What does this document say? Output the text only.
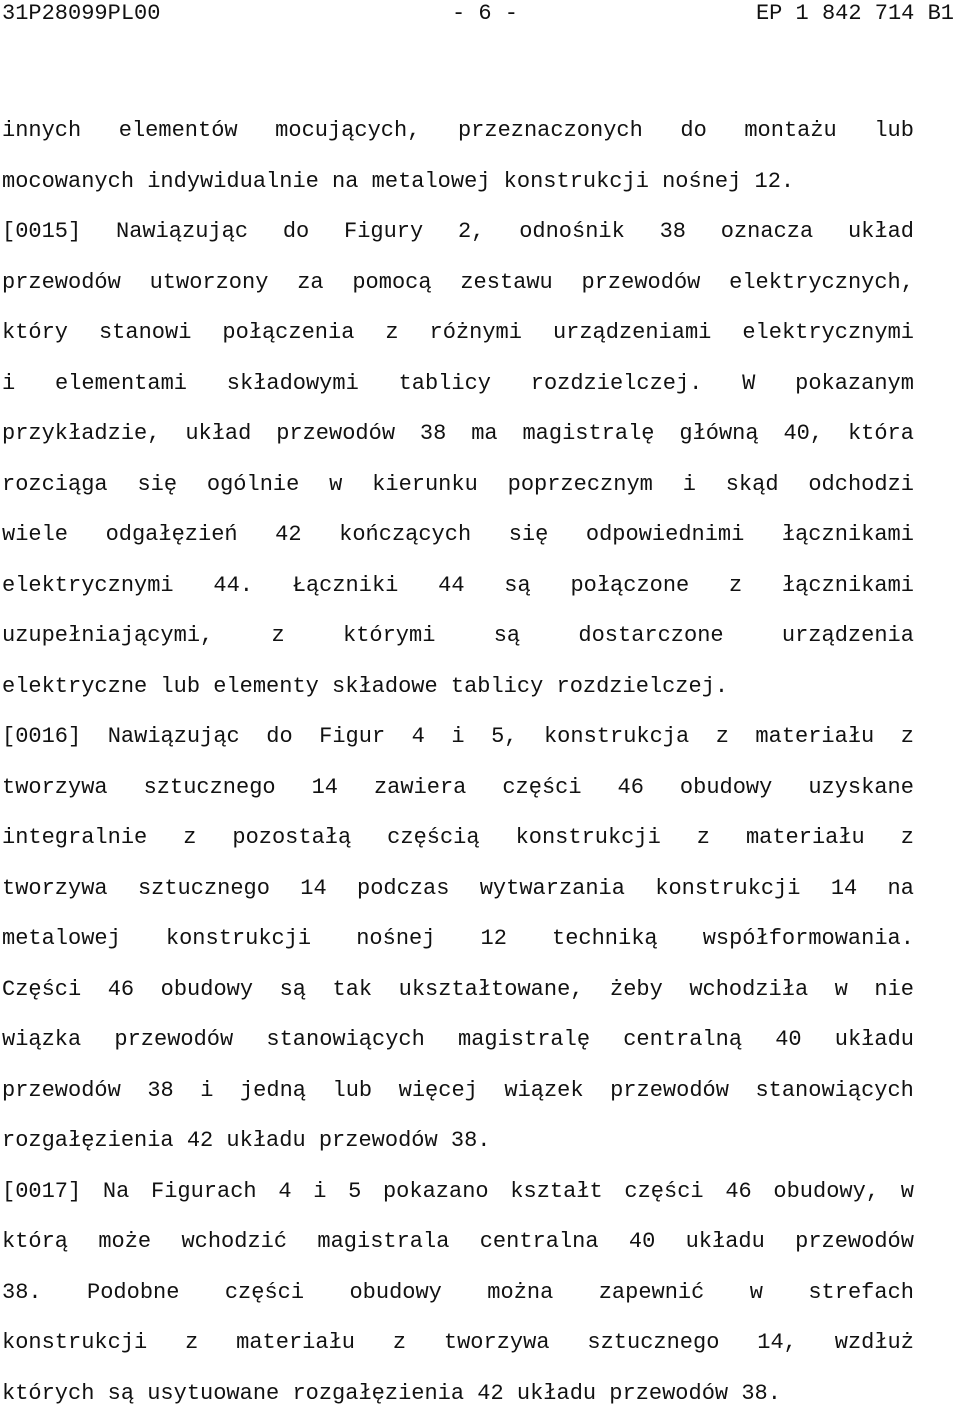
31P28099PL00	- 6 -	EP 1 842 714 B1
innych elementów mocujących, przeznaczonych do montażu lub
mocowanych indywidualnie na metalowej konstrukcji nośnej 12.
[0015] Nawiązując do Figury 2, odnośnik 38 oznacza układ
przewodów utworzony za pomocą zestawu przewodów elektrycznych,
który stanowi połączenia z różnymi urządzeniami elektrycznymi
i elementami składowymi tablicy rozdzielczej. W pokazanym
przykładzie, układ przewodów 38 ma magistralę główną 40, która
rozciąga się ogólnie w kierunku poprzecznym i skąd odchodzi
wiele odgałęzień 42 kończących się odpowiednimi łącznikami
elektrycznymi 44. Łączniki 44 są połączone z łącznikami
uzupełniającymi,	z	którymi	są	dostarczone	urządzenia
elektryczne lub elementy składowe tablicy rozdzielczej.
[0016] Nawiązując do Figur 4 i 5, konstrukcja z materiału z
tworzywa sztucznego 14 zawiera części 46 obudowy uzyskane
integralnie z pozostałą częścią konstrukcji z materiału z
tworzywa sztucznego 14 podczas wytwarzania konstrukcji 14 na
metalowej konstrukcji nośnej 12 techniką współformowania.
Części 46 obudowy są tak ukształtowane, żeby wchodziła w nie
wiązka przewodów stanowiących magistralę centralną 40 układu
przewodów 38 i jedną lub więcej wiązek przewodów stanowiących
rozgałęzienia 42 układu przewodów 38.
[0017] Na Figurach 4 i 5 pokazano kształt części 46 obudowy, w
którą może wchodzić magistrala centralna 40 układu przewodów
38. Podobne części obudowy można zapewnić w strefach
konstrukcji z materiału z tworzywa sztucznego 14, wzdłuż
których są usytuowane rozgałęzienia 42 układu przewodów 38.
